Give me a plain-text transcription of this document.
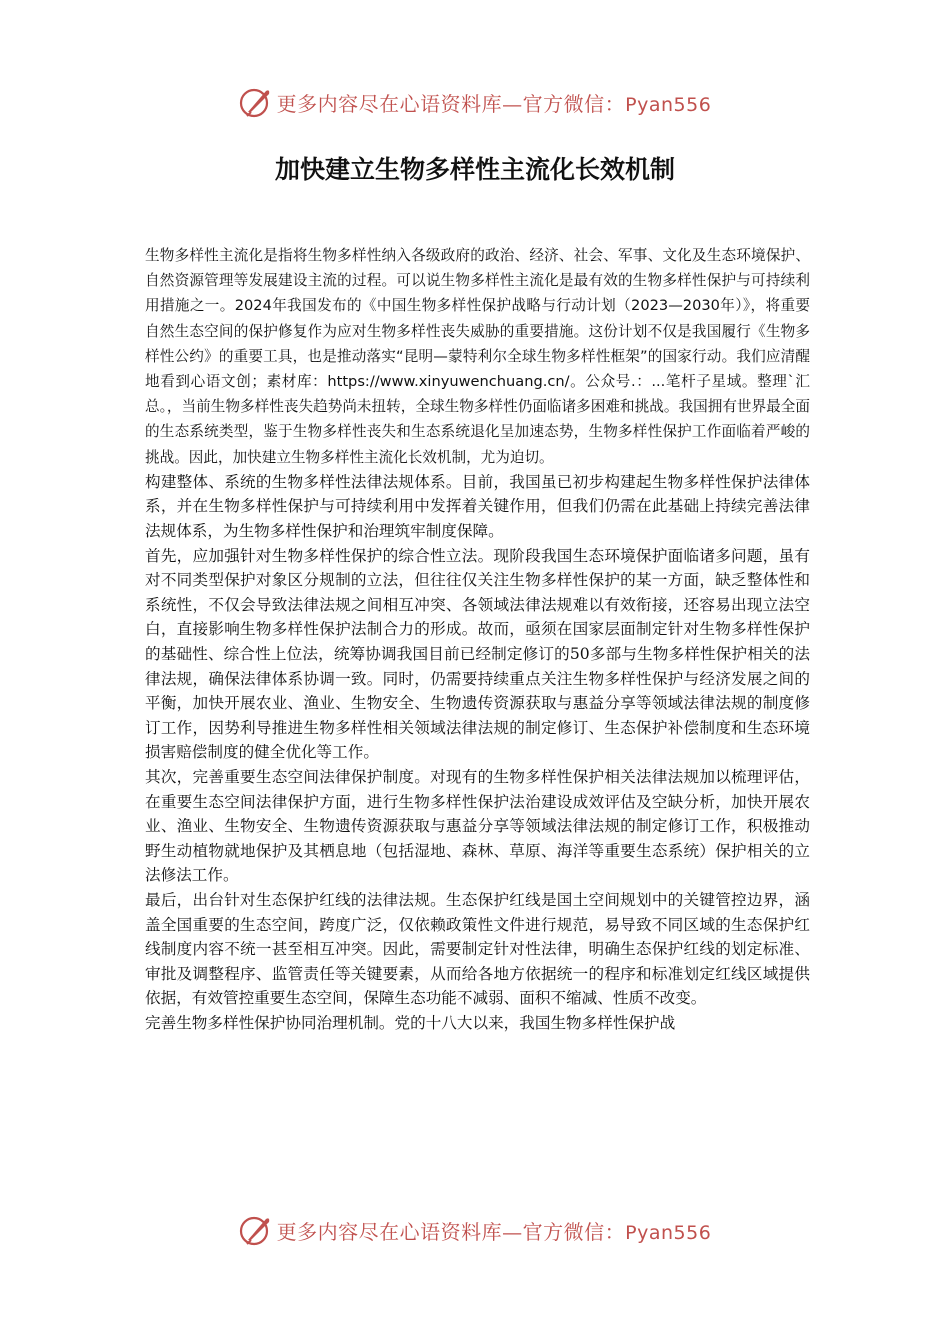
更多内容尽在心语资料库—官方微信：Pyan556
加快建立生物多样性主流化长效机制

生物多样性主流化是指将生物多样性纳入各级政府的政治、经济、社会、军事、文化及生态环境保护、自然资源管理等发展建设主流的过程。可以说生物多样性主流化是最有效的生物多样性保护与可持续利用措施之一。2024年我国发布的《中国生物多样性保护战略与行动计划（2023—2030年）》，将重要自然生态空间的保护修复作为应对生物多样性丧失威胁的重要措施。这份计划不仅是我国履行《生物多样性公约》的重要工具，也是推动落实“昆明—蒙特利尔全球生物多样性框架”的国家行动。我们应清醒地看到心语文创；素材库：https://www.xinyuwenchuang.cn/。公众号.：...笔杆子星域。整理`汇总。，当前生物多样性丧失趋势尚未扭转，全球生物多样性仍面临诸多困难和挑战。我国拥有世界最全面的生态系统类型，鉴于生物多样性丧失和生态系统退化呈加速态势，生物多样性保护工作面临着严峻的挑战。因此，加快建立生物多样性主流化长效机制，尤为迫切。

构建整体、系统的生物多样性法律法规体系。目前，我国虽已初步构建起生物多样性保护法律体系，并在生物多样性保护与可持续利用中发挥着关键作用，但我们仍需在此基础上持续完善法律法规体系，为生物多样性保护和治理筑牢制度保障。

首先，应加强针对生物多样性保护的综合性立法。现阶段我国生态环境保护面临诸多问题，虽有对不同类型保护对象区分规制的立法，但往往仅关注生物多样性保护的某一方面，缺乏整体性和系统性，不仅会导致法律法规之间相互冲突、各领域法律法规难以有效衔接，还容易出现立法空白，直接影响生物多样性保护法制合力的形成。故而，亟须在国家层面制定针对生物多样性保护的基础性、综合性上位法，统筹协调我国目前已经制定修订的50多部与生物多样性保护相关的法律法规，确保法律体系协调一致。同时，仍需要持续重点关注生物多样性保护与经济发展之间的平衡，加快开展农业、渔业、生物安全、生物遗传资源获取与惠益分享等领域法律法规的制度修订工作，因势利导推进生物多样性相关领域法律法规的制定修订、生态保护补偿制度和生态环境损害赔偿制度的健全优化等工作。

其次，完善重要生态空间法律保护制度。对现有的生物多样性保护相关法律法规加以梳理评估，在重要生态空间法律保护方面，进行生物多样性保护法治建设成效评估及空缺分析，加快开展农业、渔业、生物安全、生物遗传资源获取与惠益分享等领域法律法规的制定修订工作，积极推动野生动植物就地保护及其栖息地（包括湿地、森林、草原、海洋等重要生态系统）保护相关的立法修法工作。

最后，出台针对生态保护红线的法律法规。生态保护红线是国土空间规划中的关键管控边界，涵盖全国重要的生态空间，跨度广泛，仅依赖政策性文件进行规范，易导致不同区域的生态保护红线制度内容不统一甚至相互冲突。因此，需要制定针对性法律，明确生态保护红线的划定标准、审批及调整程序、监管责任等关键要素，从而给各地方依据统一的程序和标准划定红线区域提供依据，有效管控重要生态空间，保障生态功能不减弱、面积不缩减、性质不改变。

完善生物多样性保护协同治理机制。党的十八大以来，我国生物多样性保护战

更多内容尽在心语资料库—官方微信：Pyan556
